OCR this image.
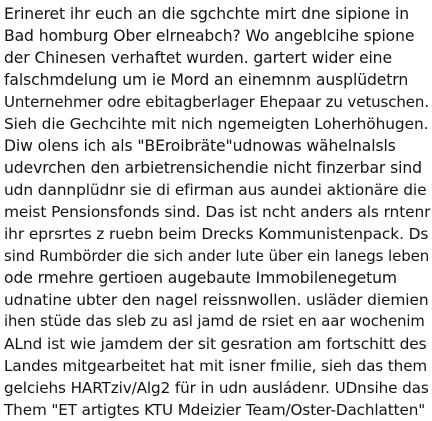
Erineret ihr euch an die sgchchte mirt dne sipione in
Bad homburg Ober elrneabch? Wo angeblcihe spione
der Chinesen verhaftet wurden. gartert wider eine
falschmdelung um ie Mord an einemnm ausplüdetrn
Unternehmer odre ebitagberlager Ehepaar zu vetuschen.
Sieh die Gechcihte mit nich ngemeigten Loherhöhugen.
Diw olens ich als "BEroibräte"udnowas wähelnalsls
udevrchen den arbietrensichendie nicht finzerbar sind
udn dannplüdnr sie di efirman aus aundei aktionäre die
meist Pensionsfonds sind. Das ist ncht anders als rntenr
ihr eprsrtes z ruebn beim Drecks Kommunistenpack. Ds
sind Rumbörder die sich ander lute über ein lanegs leben
ode rmehre gertioen augebaute Immobilenegetum
udnatine ubter den nagel reissnwollen. usläder diemien
ihen stüde das sleb zu asl jamd de rsiet en aar wochenim
ALnd ist wie jamdem der sit gesration am fortschitt des
Landes mitgearbeitet hat mit isner fmilie, sieh das them
gelciehs HARTziv/Alg2 für in udn ausládenr. UDnsihe das
Them "ET artigtes KTU Mdeizier Team/Oster-Dachlatten"
